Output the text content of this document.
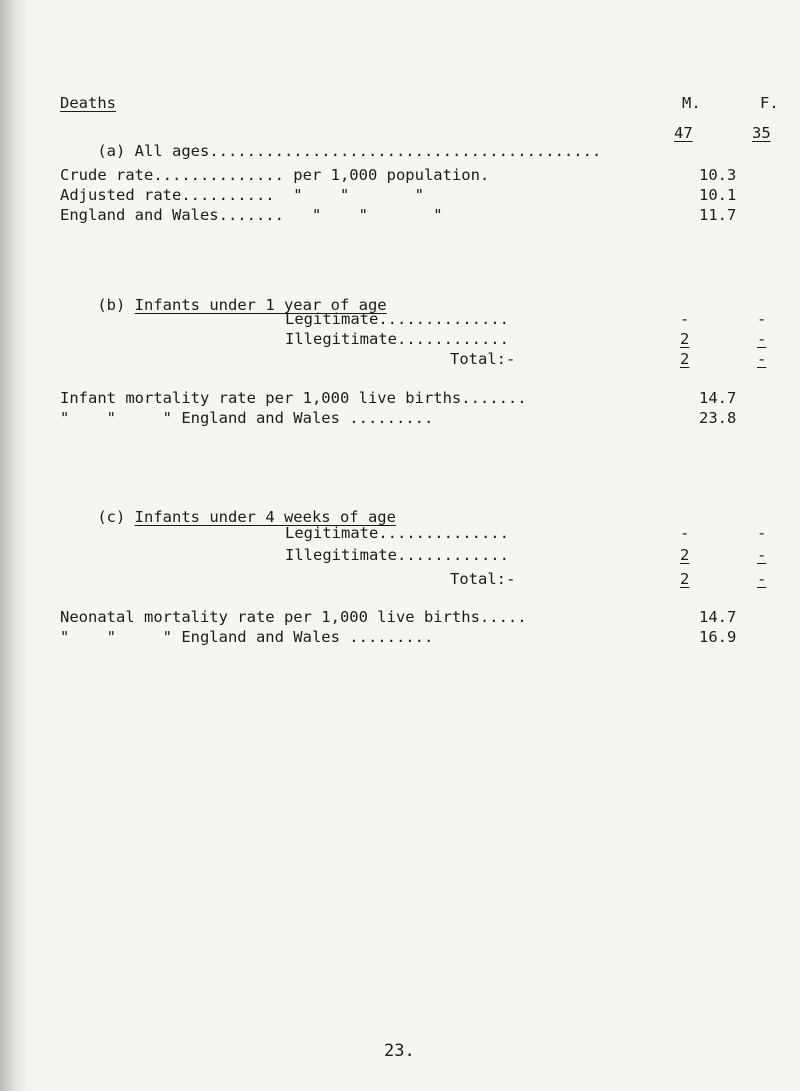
Deaths	M.	F.

(a) All ages..........................................

47	35
Crude rate.............. per 1,000 population.	10.3
Adjusted rate..........  "    "       "	10.1
England and Wales.......   "    "       "	11.7

(b) Infants under 1 year of age

Legitimate..............	-	-
Illegitimate............	2	-
Total:-	2	-
Infant mortality rate per 1,000 live births.......	14.7
"    "     " England and Wales .........	23.8

(c) Infants under 4 weeks of age

Legitimate..............	-	-
Illegitimate............	2	-
Total:-	2	-
Neonatal mortality rate per 1,000 live births.....	14.7
"    "     " England and Wales .........	16.9
23.
